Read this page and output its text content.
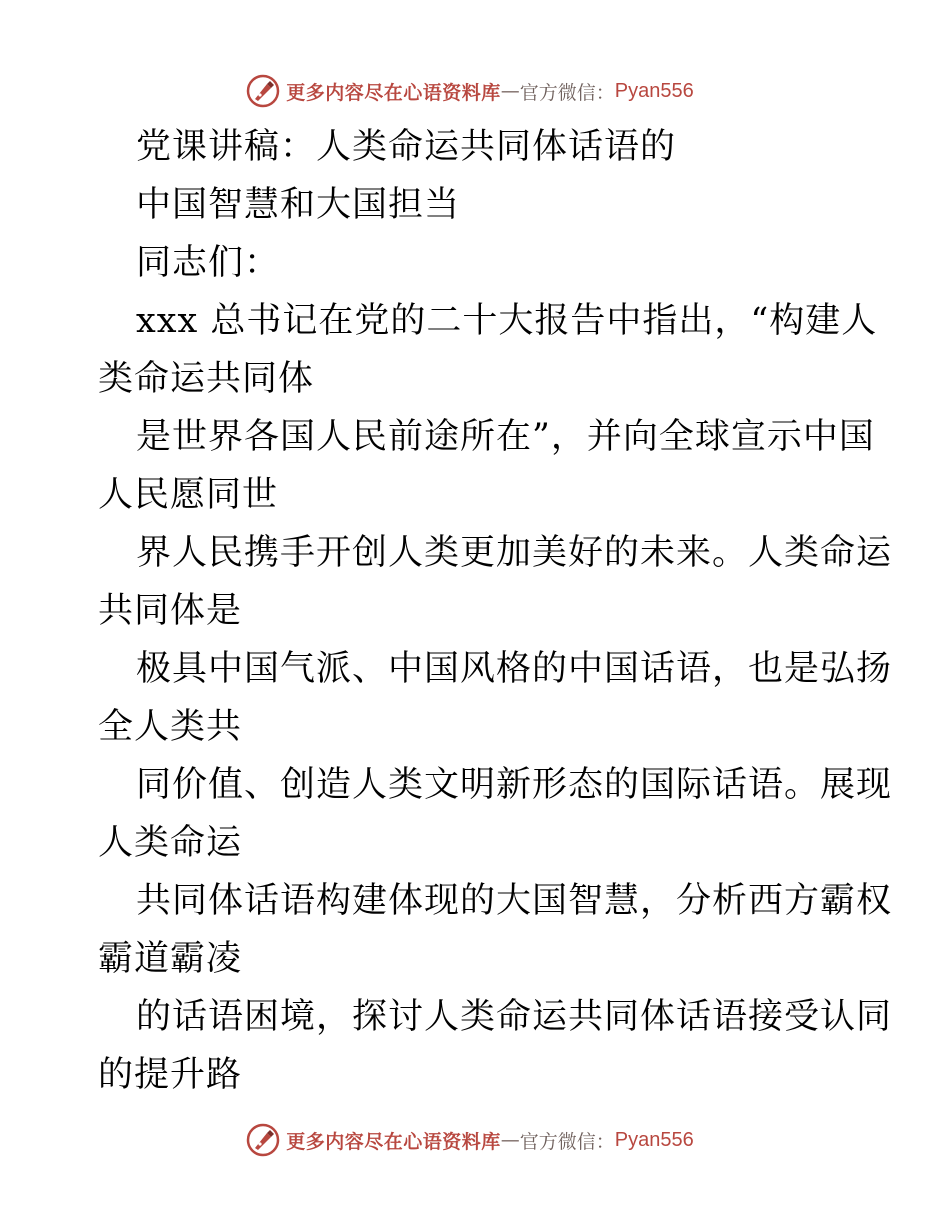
更多内容尽在心语资料库 — 官方微信： Pyan556
党课讲稿：人类命运共同体话语的
中国智慧和大国担当
同志们：
xxx 总书记在党的二十大报告中指出，“构建人
类命运共同体
是世界各国人民前途所在”，并向全球宣示中国
人民愿同世
界人民携手开创人类更加美好的未来。人类命运
共同体是
极具中国气派、中国风格的中国话语，也是弘扬
全人类共
同价值、创造人类文明新形态的国际话语。展现
人类命运
共同体话语构建体现的大国智慧，分析西方霸权
霸道霸凌
的话语困境，探讨人类命运共同体话语接受认同
的提升路
更多内容尽在心语资料库 — 官方微信： Pyan556
